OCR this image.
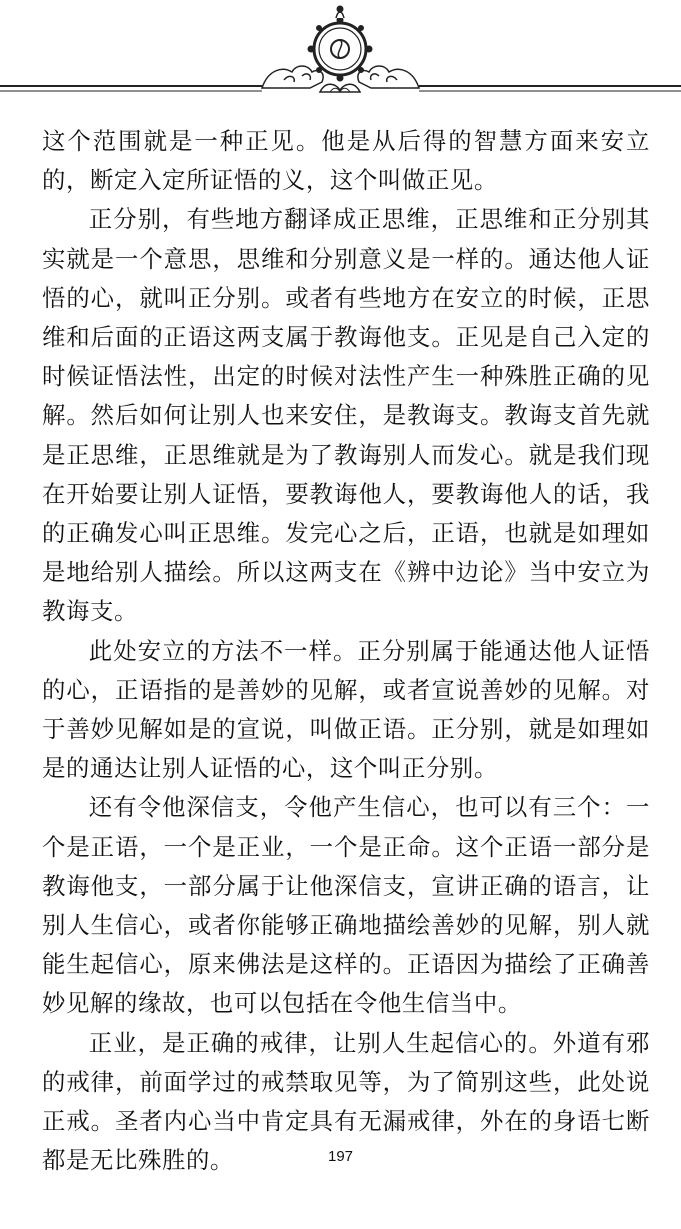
这个范围就是一种正见。他是从后得的智慧方面来安立的，断定入定所证悟的义，这个叫做正见。

正分别，有些地方翻译成正思维，正思维和正分别其实就是一个意思，思维和分别意义是一样的。通达他人证悟的心，就叫正分别。或者有些地方在安立的时候，正思维和后面的正语这两支属于教诲他支。正见是自己入定的时候证悟法性，出定的时候对法性产生一种殊胜正确的见解。然后如何让别人也来安住，是教诲支。教诲支首先就是正思维，正思维就是为了教诲别人而发心。就是我们现在开始要让别人证悟，要教诲他人，要教诲他人的话，我的正确发心叫正思维。发完心之后，正语，也就是如理如是地给别人描绘。所以这两支在《辨中边论》当中安立为教诲支。

此处安立的方法不一样。正分别属于能通达他人证悟的心，正语指的是善妙的见解，或者宣说善妙的见解。对于善妙见解如是的宣说，叫做正语。正分别，就是如理如是的通达让别人证悟的心，这个叫正分别。

还有令他深信支，令他产生信心，也可以有三个：一个是正语，一个是正业，一个是正命。这个正语一部分是教诲他支，一部分属于让他深信支，宣讲正确的语言，让别人生信心，或者你能够正确地描绘善妙的见解，别人就能生起信心，原来佛法是这样的。正语因为描绘了正确善妙见解的缘故，也可以包括在令他生信当中。

正业，是正确的戒律，让别人生起信心的。外道有邪的戒律，前面学过的戒禁取见等，为了简别这些，此处说正戒。圣者内心当中肯定具有无漏戒律，外在的身语七断都是无比殊胜的。	197
